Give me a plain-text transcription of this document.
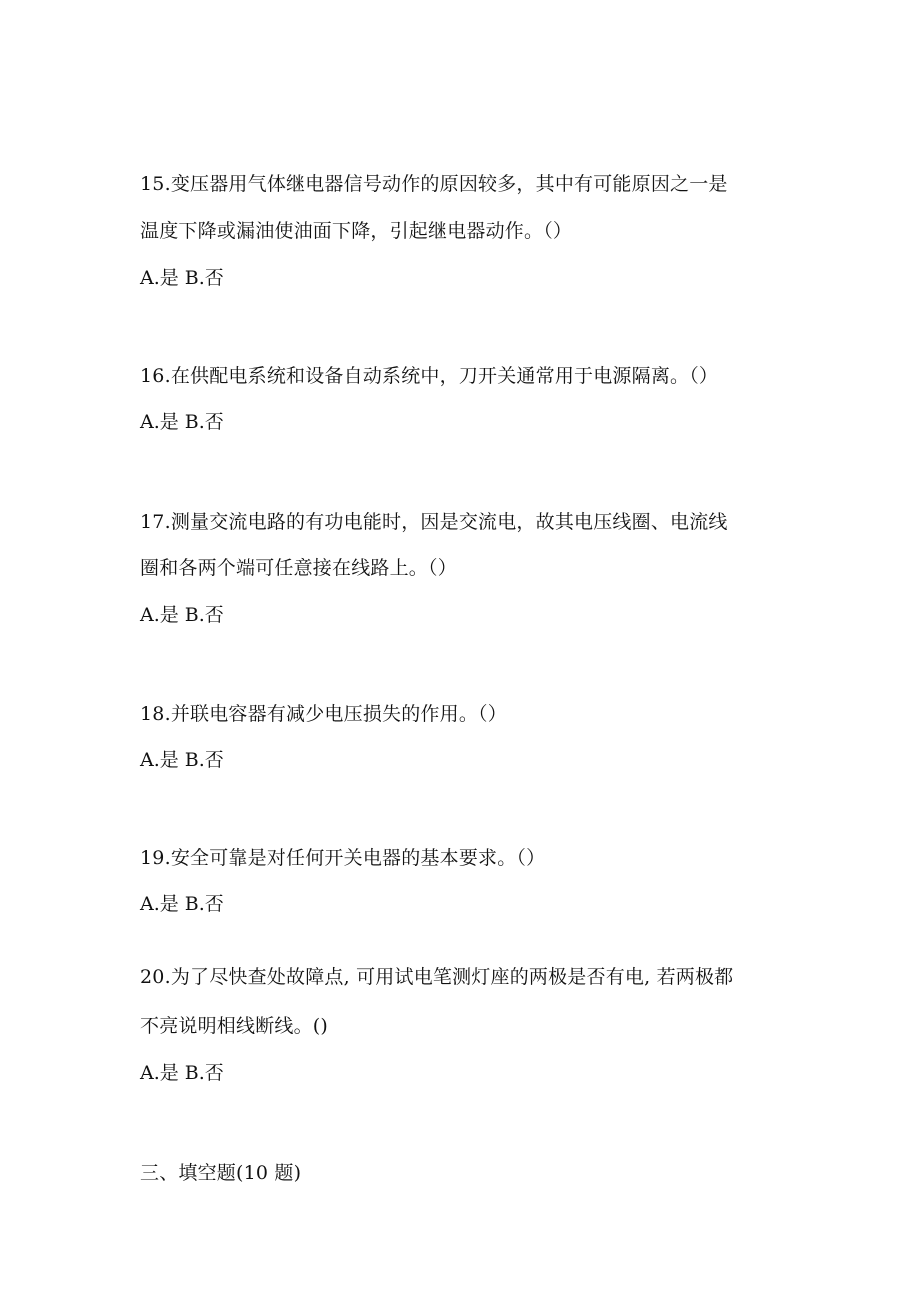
15.变压器用气体继电器信号动作的原因较多，其中有可能原因之一是
温度下降或漏油使油面下降，引起继电器动作。（）
A.是 B.否
16.在供配电系统和设备自动系统中，刀开关通常用于电源隔离。（）
A.是 B.否
17.测量交流电路的有功电能时，因是交流电，故其电压线圈、电流线
圈和各两个端可任意接在线路上。（）
A.是 B.否
18.并联电容器有减少电压损失的作用。（）
A.是 B.否
19.安全可靠是对任何开关电器的基本要求。（）
A.是 B.否
20.为了尽快查处故障点, 可用试电笔测灯座的两极是否有电, 若两极都
不亮说明相线断线。()
A.是 B.否
三、填空题(10 题)
